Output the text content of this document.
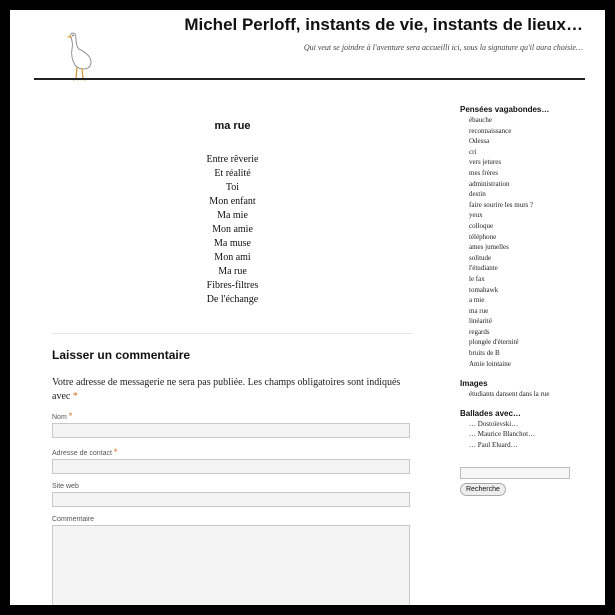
Michel Perloff, instants de vie, instants de lieux…
Qui veut se joindre à l'aventure sera accueilli ici, sous la signature qu'il aura choisie…
ma rue
Entre rêverie
Et réalité
Toi
Mon enfant
Ma mie
Mon amie
Ma muse
Mon ami
Ma rue
Fibres-filtres
De l'échange
Laisser un commentaire

Votre adresse de messagerie ne sera pas publiée. Les champs obligatoires sont indiqués avec *

Nom *
Adresse de contact *
Site web
Commentaire
Pensées vagabondes…
ébauche
reconnaissance
Odessa
cri
vers jetures
mes frères
administration
destin
faire sourire les murs ?
yeux
colloque
téléphone
ames jumelles
solitude
l'étudiante
le fax
tomahawk
a mie
ma rue
linéarité
regards
plongée d'éternité
bruits de B
Amie lointaine
Images
étudiants dansent dans la rue
Ballades avec…
… Dostoïevski…
… Maurice Blanchot…
… Paul Eluard…
Recherche
